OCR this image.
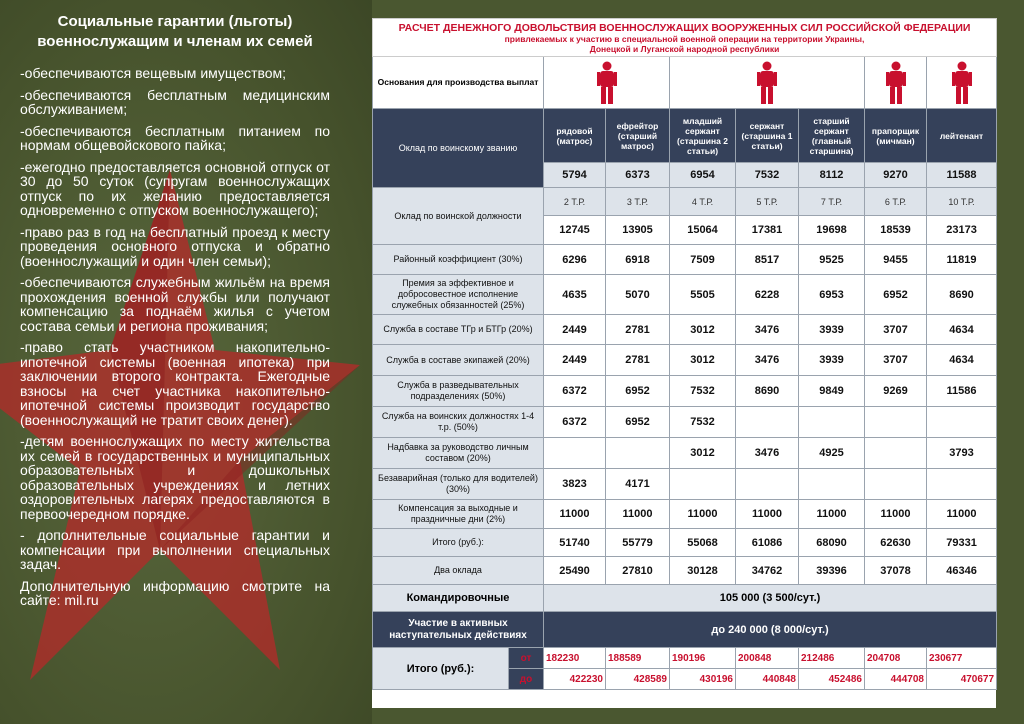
Социальные гарантии (льготы) военнослужащим и членам их семей
-обеспечиваются вещевым имуществом;
-обеспечиваются бесплатным медицинским обслуживанием;
-обеспечиваются бесплатным питанием по нормам общевойскового пайка;
-ежегодно предоставляется основной отпуск от 30 до 50 суток (супругам военнослужащих отпуск по их желанию предоставляется одновременно с отпуском военнослужащего);
-право раз в год на бесплатный проезд к месту проведения основного отпуска и обратно (военнослужащий и один член семьи);
-обеспечиваются служебным жильём на время прохождения военной службы или получают компенсацию за поднаём жилья с учетом состава семьи и региона проживания;
-право стать участником накопительно-ипотечной системы (военная ипотека) при заключении второго контракта. Ежегодные взносы на счет участника накопительно-ипотечной системы производит государство (военнослужащий не тратит своих денег).
-детям военнослужащих по месту жительства их семей в государственных и муниципальных образовательных и дошкольных образовательных учреждениях и летних оздоровительных лагерях предоставляются в первоочередном порядке.
- дополнительные социальные гарантии и компенсации при выполнении специальных задач.
Дополнительную информацию смотрите на сайте: mil.ru
РАСЧЕТ ДЕНЕЖНОГО ДОВОЛЬСТВИЯ ВОЕННОСЛУЖАЩИХ ВООРУЖЕННЫХ СИЛ РОССИЙСКОЙ ФЕДЕРАЦИИ
привлекаемых к участию в специальной военной операции на территории Украины,
Донецкой и Луганской народной республики								

Основания для производства выплат	

Оклад по воинскому званию		рядовой (матрос)	ефрейтор (старший матрос)	младший сержант (старшина 2 статьи)	сержант (старшина 1 статьи)	старший сержант (главный старшина)	прапорщик (мичман)	лейтенант
		5794	6373	6954	7532	8112	9270	11588
Оклад по воинской должности		2 Т.Р.	3 Т.Р.	4 Т.Р.	5 Т.Р.	7 Т.Р.	6 Т.Р.	10 Т.Р.
		12745	13905	15064	17381	19698	18539	23173
Районный коэффициент (30%)		6296	6918	7509	8517	9525	9455	11819
Премия за эффективное и добросовестное исполнение служебных обязанностей (25%)		4635	5070	5505	6228	6953	6952	8690
Служба в составе ТГр и БТГр (20%)		2449	2781	3012	3476	3939	3707	4634
Служба в составе экипажей (20%)		2449	2781	3012	3476	3939	3707	4634
Служба в разведывательных подразделениях (50%)		6372	6952	7532	8690	9849	9269	11586
Служба на воинских должностях 1-4 т.р. (50%)		6372	6952	7532				
Надбавка за руководство личным составом (20%)				3012	3476	4925		3793
Безаварийная (только для водителей) (30%)		3823	4171					
Компенсация за выходные и праздничные дни (2%)		11000	11000	11000	11000	11000	11000	11000
Итого (руб.):		51740	55779	55068	61086	68090	62630	79331
Два оклада		25490	27810	30128	34762	39396	37078	46346
Командировочные		105 000 (3 500/сут.)						
Участие в активных наступательных действиях		до 240 000 (8 000/сут.)						
Итого (руб.):	от	182230	188589	190196	200848	212486	204708	230677
	до	422230	428589	430196	440848	452486	444708	470677
